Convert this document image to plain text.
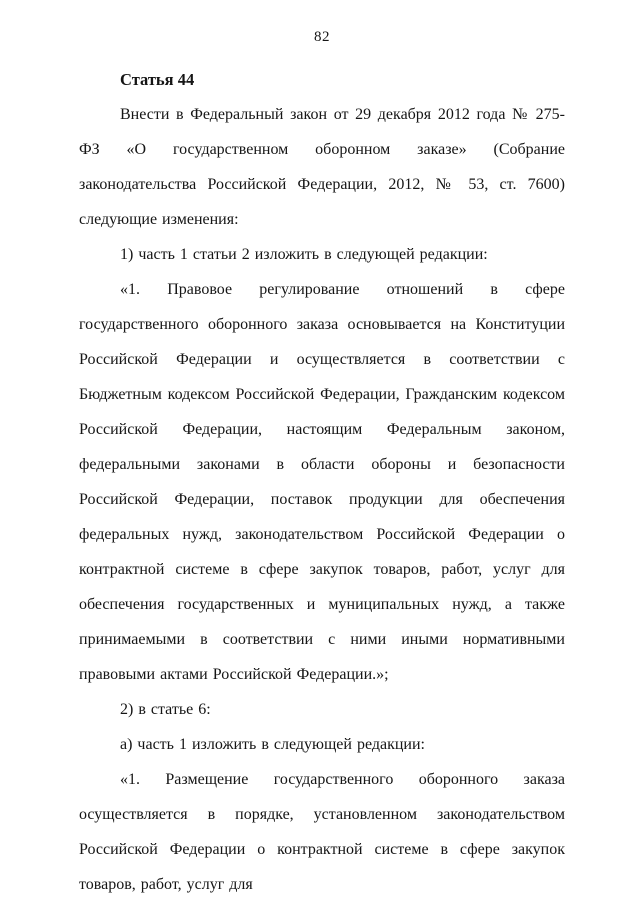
82
Статья 44

Внести в Федеральный закон от 29 декабря 2012 года № 275-ФЗ «О государственном оборонном заказе» (Собрание законодательства Российской Федерации, 2012, № 53, ст. 7600) следующие изменения:

1) часть 1 статьи 2 изложить в следующей редакции:

«1. Правовое регулирование отношений в сфере государственного оборонного заказа основывается на Конституции Российской Федерации и осуществляется в соответствии с Бюджетным кодексом Российской Федерации, Гражданским кодексом Российской Федерации, настоящим Федеральным законом, федеральными законами в области обороны и безопасности Российской Федерации, поставок продукции для обеспечения федеральных нужд, законодательством Российской Федерации о контрактной системе в сфере закупок товаров, работ, услуг для обеспечения государственных и муниципальных нужд, а также принимаемыми в соответствии с ними иными нормативными правовыми актами Российской Федерации.»;

2) в статье 6:

а) часть 1 изложить в следующей редакции:

«1. Размещение государственного оборонного заказа осуществляется в порядке, установленном законодательством Российской Федерации о контрактной системе в сфере закупок товаров, работ, услуг для
